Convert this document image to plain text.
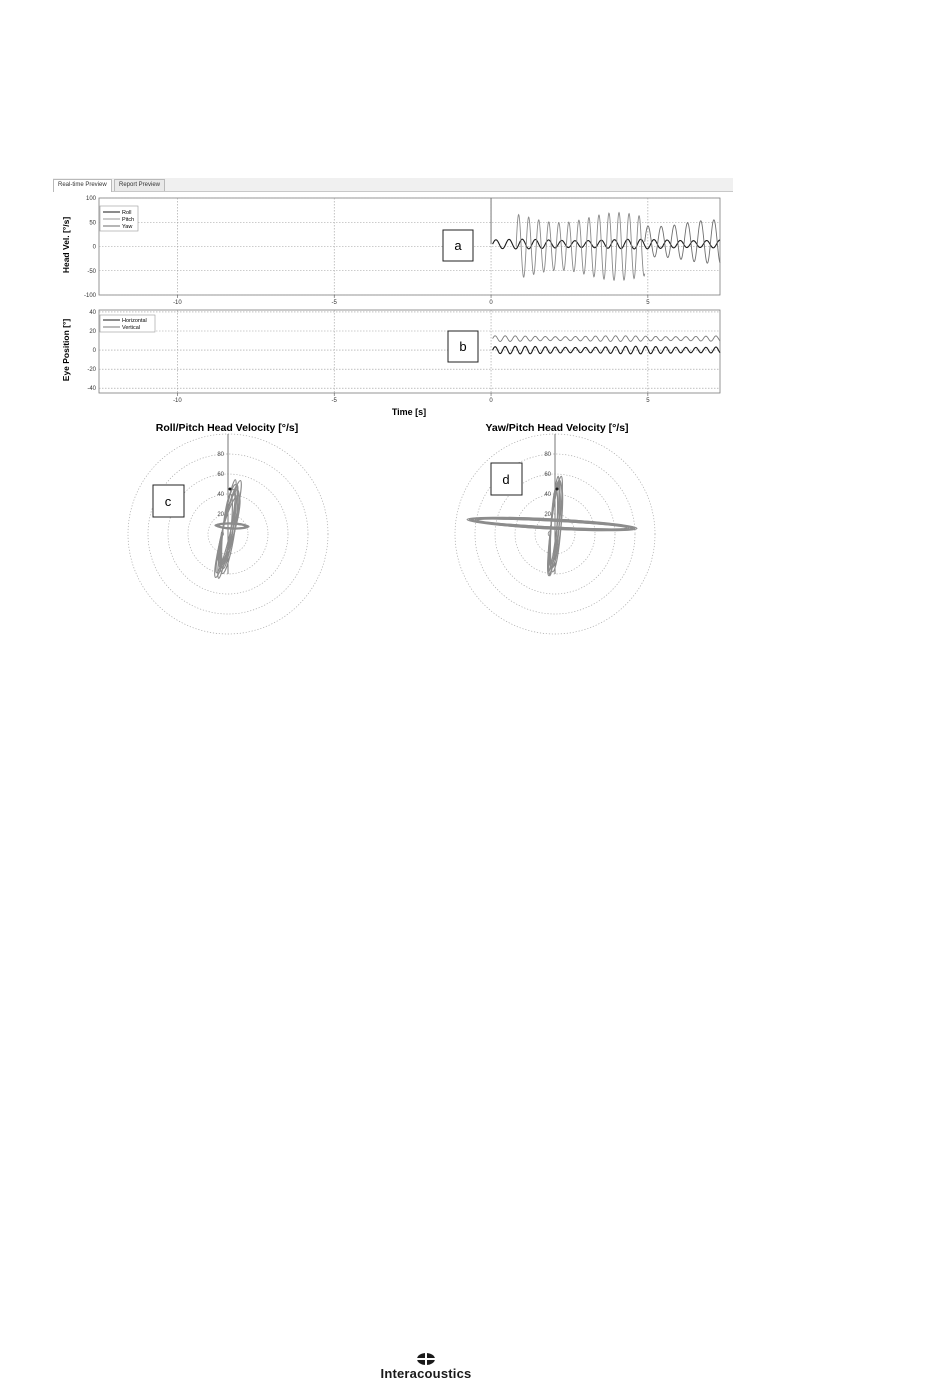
Real-time Preview	Report Preview
-10	-5	0	5
100
50
0
-50
-100
Head Vel. [°/s]
Roll
Pitch
Yaw
a
-10	-5	0	5
40
20
0
-20
-40
Eye Position [°]
Time [s]
Horizontal
Vertical
b
Roll/Pitch Head Velocity [°/s]
80
60
40
20
0
c
Yaw/Pitch Head Velocity [°/s]
80
60
40
20
0
d
Interacoustics
